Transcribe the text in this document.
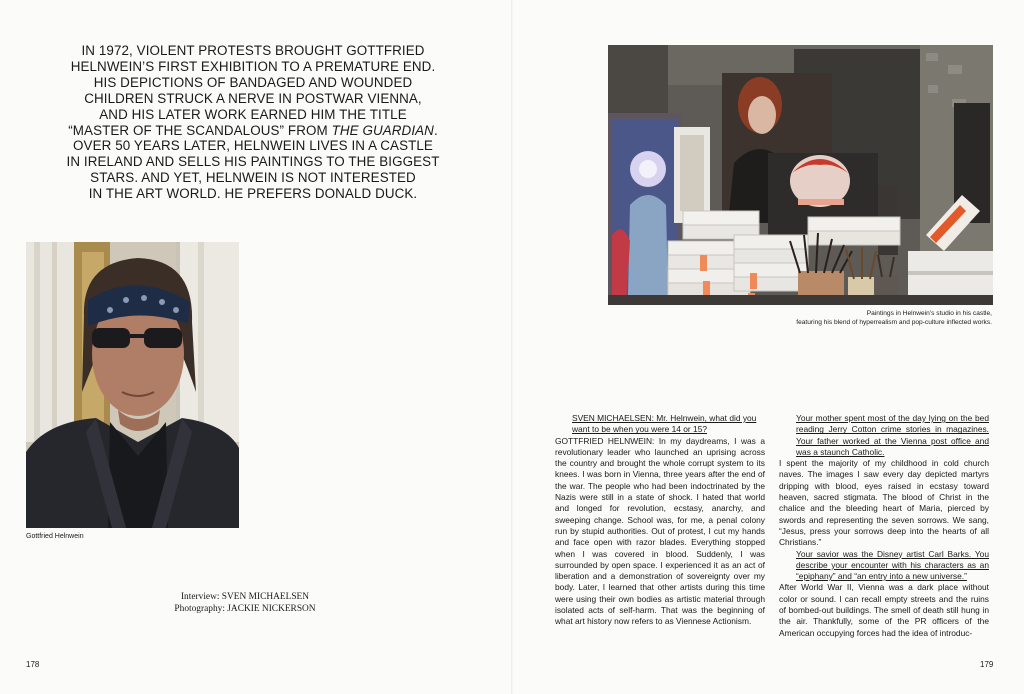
IN 1972, VIOLENT PROTESTS BROUGHT GOTTFRIED

HELNWEIN’S FIRST EXHIBITION TO A PREMATURE END.

HIS DEPICTIONS OF BANDAGED AND WOUNDED

CHILDREN STRUCK A NERVE IN POSTWAR VIENNA,

AND HIS LATER WORK EARNED HIM THE TITLE

“MASTER OF THE SCANDALOUS” FROM THE GUARDIAN.

OVER 50 YEARS LATER, HELNWEIN LIVES IN A CASTLE

IN IRELAND AND SELLS HIS PAINTINGS TO THE BIGGEST

STARS. AND YET, HELNWEIN IS NOT INTERESTED

IN THE ART WORLD. HE PREFERS DONALD DUCK.

Gottfried Helnwein
Interview: SVEN MICHAELSEN
Photography: JACKIE NICKERSON
178	179
Paintings in Helnwein’s studio in his castle,
featuring his blend of hyperrealism and pop-culture inflected works.

SVEN MICHAELSEN: Mr. Helnwein, what did you
want to be when you were 14 or 15?

GOTTFRIED HELNWEIN: In my daydreams, I was a revolutionary leader who launched an uprising across the country and brought the whole corrupt system to its knees. I was born in Vienna, three years after the end of the war. The people who had been indoctrinated by the Nazis were still in a state of shock. I hated that world and longed for revolution, ecstasy, anarchy, and sweeping change. School was, for me, a penal colony run by stupid authorities. Out of protest, I cut my hands and face open with razor blades. Everything stopped when I was covered in blood. Suddenly, I was surrounded by open space. I experienced it as an act of liberation and a demonstration of sovereignty over my body. Later, I learned that other artists during this time were using their own bodies as artistic material through isolated acts of self-harm. That was the beginning of what art history now refers to as Viennese Actionism.

Your mother spent most of the day lying on the bed reading Jerry Cotton crime stories in magazines. Your father worked at the Vienna post office and was a staunch Catholic.

I spent the majority of my childhood in cold church naves. The images I saw every day depicted martyrs dripping with blood, eyes raised in ecstasy toward heaven, sacred stigmata. The blood of Christ in the chalice and the bleeding heart of Maria, pierced by swords and representing the seven sorrows. We sang, “Jesus, press your sorrows deep into the hearts of all Christians.”

Your savior was the Disney artist Carl Barks. You describe your encounter with his characters as an “epiphany” and “an entry into a new universe.”

After World War II, Vienna was a dark place without color or sound. I can recall empty streets and the ruins of bombed-out buildings. The smell of death still hung in the air. Thankfully, some of the PR officers of the American occupying forces had the idea of introduc-
